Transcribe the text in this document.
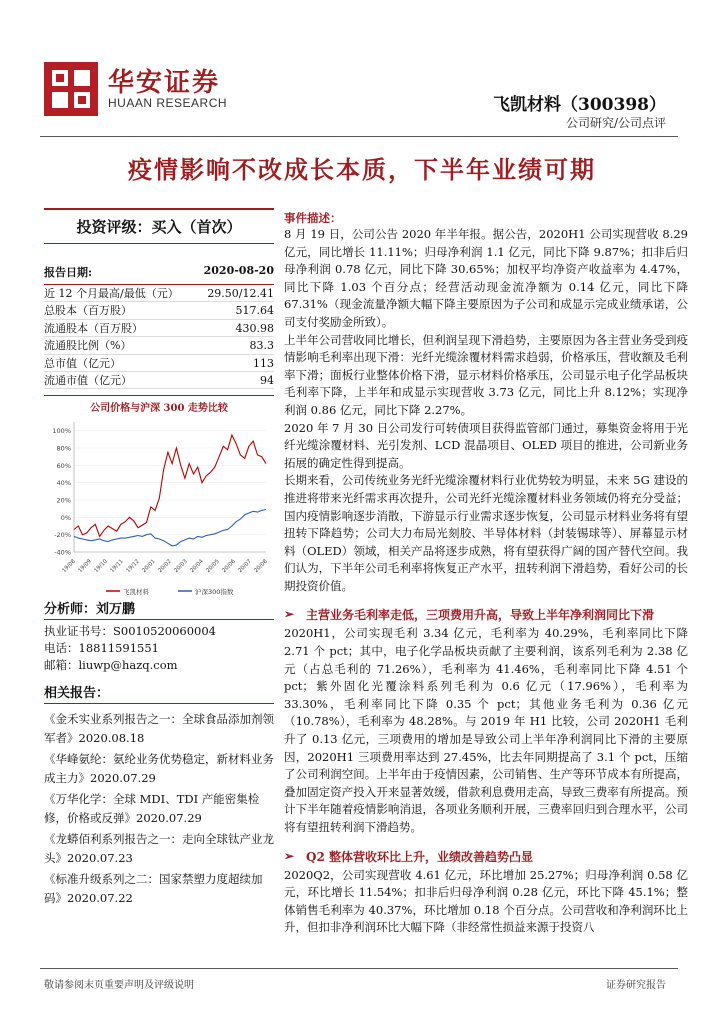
华安证券
HUAAN RESEARCH	飞凯材料（300398）
公司研究/公司点评
疫情影响不改成长本质，下半年业绩可期
投资评级：买入（首次）
报告日期:	2020-08-20
近 12 个月最高/最低（元）	29.50/12.41
总股本（百万股）	517.64
流通股本（百万股）	430.98
流通股比例（%）	83.3
总市值（亿元）	113
流通市值（亿元）	94
公司价格与沪深 300 走势比较
100%
80%
60%
40%
20%
0%
-20%
-40%
19/08 19/09 19/10 19/11 19/12 20/01 20/02 20/03 20/04 20/05 20/06 20/07 20/08
飞凯材料	沪深300指数
分析师：刘万鹏
执业证书号：S0010520060004
电话：18811591551
邮箱：liuwp@hazq.com
相关报告：
《金禾实业系列报告之一：全球食品添加剂领军者》2020.08.18
《华峰氨纶：氨纶业务优势稳定，新材料业务成主力》2020.07.29
《万华化学：全球 MDI、TDI 产能密集检修，价格或反弹》2020.07.29
《龙蟒佰利系列报告之一：走向全球钛产业龙头》2020.07.23
《标准升级系列之二：国家禁塑力度超续加码》2020.07.22
事件描述：

8 月 19 日，公司公告 2020 年半年报。据公告，2020H1 公司实现营收 8.29 亿元，同比增长 11.11%；归母净利润 1.1 亿元，同比下降 9.87%；扣非后归母净利润 0.78 亿元，同比下降 30.65%；加权平均净资产收益率为 4.47%，同比下降 1.03 个百分点；经营活动现金流净额为 0.14 亿元，同比下降 67.31%（现金流量净额大幅下降主要原因为子公司和成显示完成业绩承诺，公司支付奖励金所致）。

上半年公司营收同比增长，但利润呈现下滑趋势，主要原因为各主营业务受到疫情影响毛利率出现下滑：光纤光缆涂覆材料需求趋弱，价格承压，营收额及毛利率下滑；面板行业整体价格下滑，显示材料价格承压，公司显示电子化学品板块毛利率下降，上半年和成显示实现营收 3.73 亿元，同比上升 8.12%；实现净利润 0.86 亿元，同比下降 2.27%。

2020 年 7 月 30 日公司发行可转债项目获得监管部门通过，募集资金将用于光纤光缆涂覆材料、光引发剂、LCD 混晶项目、OLED 项目的推进，公司新业务拓展的确定性得到提高。

长期来看，公司传统业务光纤光缆涂覆材料行业优势较为明显，未来 5G 建设的推进将带来光纤需求再次提升，公司光纤光缆涂覆材料业务领域仍将充分受益；国内疫情影响逐步消散，下游显示行业需求逐步恢复，公司显示材料业务将有望扭转下降趋势；公司大力布局光刻胶、半导体材料（封装锡球等）、屏幕显示材料（OLED）领域，相关产品将逐步成熟，将有望获得广阔的国产替代空间。我们认为，下半年公司毛利率将恢复正产水平，扭转利润下滑趋势，看好公司的长期投资价值。

➢ 主营业务毛利率走低，三项费用升高，导致上半年净利润同比下滑

2020H1，公司实现毛利 3.34 亿元，毛利率为 40.29%，毛利率同比下降 2.71 个 pct；其中，电子化学品板块贡献了主要利润，该系列毛利为 2.38 亿元（占总毛利的 71.26%），毛利率为 41.46%，毛利率同比下降 4.51 个 pct；紫外固化光覆涂料系列毛利为 0.6 亿元（17.96%），毛利率为 33.30%，毛利率同比下降 0.35 个 pct；其他业务毛利为 0.36 亿元（10.78%），毛利率为 48.28%。与 2019 年 H1 比较，公司 2020H1 毛利升了 0.13 亿元，三项费用的增加是导致公司上半年净利润同比下滑的主要原因，2020H1 三项费用率达到 27.45%，比去年同期提高了 3.1 个 pct，压缩了公司利润空间。上半年由于疫情因素，公司销售、生产等环节成本有所提高，叠加固定资产投入开来显著效缓，借款利息费用走高，导致三费率有所提高。预计下半年随着疫情影响消退，各项业务顺利开展，三费率回归到合理水平，公司将有望扭转利润下滑趋势。

➢ Q2 整体营收环比上升，业绩改善趋势凸显

2020Q2，公司实现营收 4.61 亿元，环比增加 25.27%；归母净利润 0.58 亿元，环比增长 11.54%；扣非后归母净利润 0.28 亿元，环比下降 45.1%；整体销售毛利率为 40.37%，环比增加 0.18 个百分点。公司营收和净利润环比上升，但扣非净利润环比大幅下降（非经常性损益来源于投资八

敬请参阅末页重要声明及评级说明	证券研究报告
